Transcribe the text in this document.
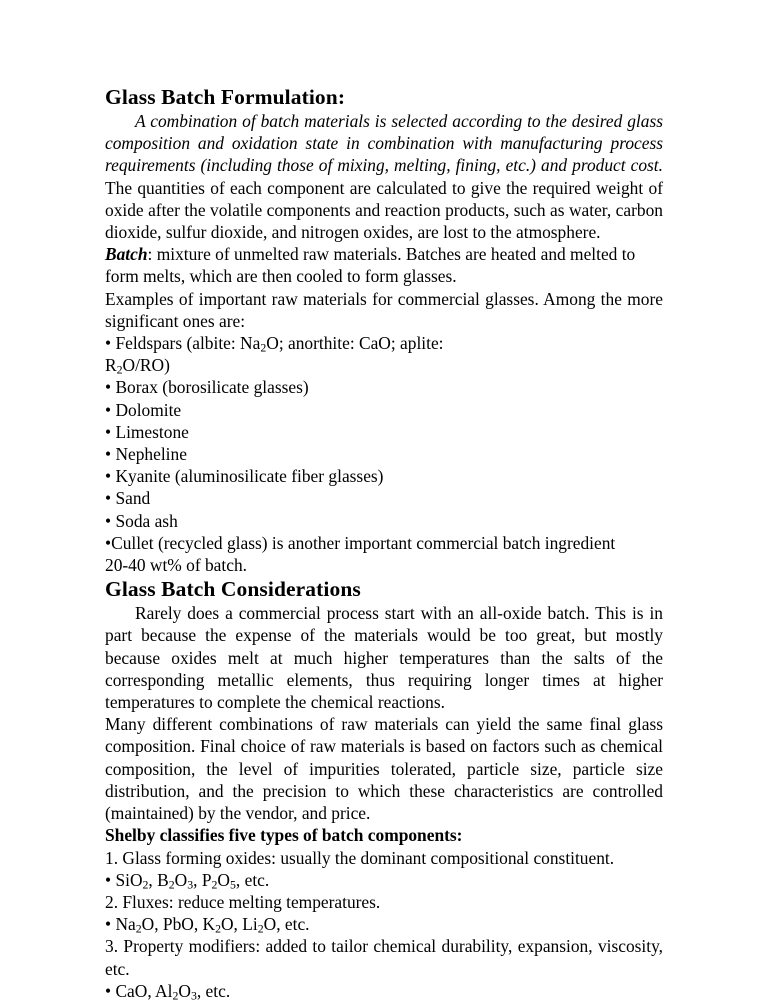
Glass Batch Formulation:

A combination of batch materials is selected according to the desired glass composition and oxidation state in combination with manufacturing process requirements (including those of mixing, melting, fining, etc.) and product cost. The quantities of each component are calculated to give the required weight of oxide after the volatile components and reaction products, such as water, carbon dioxide, sulfur dioxide, and nitrogen oxides, are lost to the atmosphere.

Batch: mixture of unmelted raw materials. Batches are heated and melted to form melts, which are then cooled to form glasses.

Examples of important raw materials for commercial glasses. Among the more significant ones are:

• Feldspars (albite: $Na_2O$; anorthite: CaO; aplite:
$R_2O/RO$)
• Borax (borosilicate glasses)
• Dolomite
• Limestone
• Nepheline
• Kyanite (aluminosilicate fiber glasses)
• Sand
• Soda ash
•Cullet (recycled glass) is another important commercial batch ingredient
20-40 wt% of batch.
Glass Batch Considerations

Rarely does a commercial process start with an all-oxide batch. This is in part because the expense of the materials would be too great, but mostly because oxides melt at much higher temperatures than the salts of the corresponding metallic elements, thus requiring longer times at higher temperatures to complete the chemical reactions.

Many different combinations of raw materials can yield the same final glass composition. Final choice of raw materials is based on factors such as chemical composition, the level of impurities tolerated, particle size, particle size distribution, and the precision to which these characteristics are controlled (maintained) by the vendor, and price.

Shelby classifies five types of batch components:
1. Glass forming oxides: usually the dominant compositional constituent.
• SiO$_2$, $B_2O_3$, $P_2O_5$, etc.
2. Fluxes: reduce melting temperatures.
• $Na_2O$, PbO, $K_2O$, $Li_2O$, etc.

3. Property modifiers: added to tailor chemical durability, expansion, viscosity, etc.

• CaO, $Al_2O_3$, etc.
